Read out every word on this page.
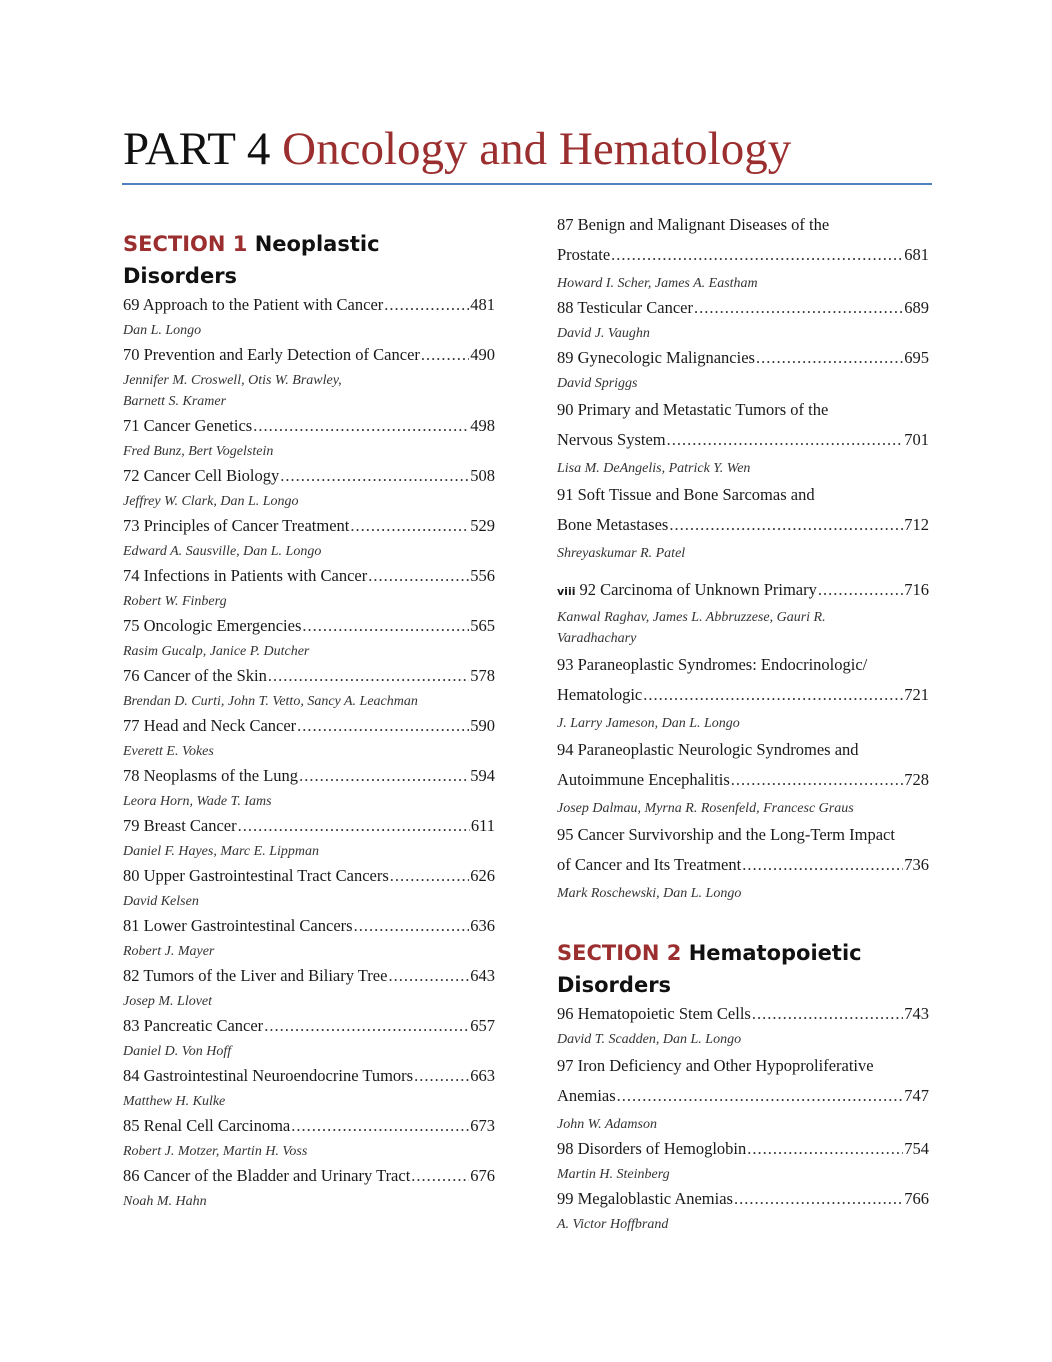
PART 4 Oncology and Hematology
SECTION 1 Neoplastic Disorders
69 Approach to the Patient with Cancer .....	481
Dan L. Longo
70 Prevention and Early Detection of Cancer .....	490
Jennifer M. Croswell, Otis W. Brawley,
Barnett S. Kramer
71 Cancer Genetics .....	498
Fred Bunz, Bert Vogelstein
72 Cancer Cell Biology .....	508
Jeffrey W. Clark, Dan L. Longo
73 Principles of Cancer Treatment .....	529
Edward A. Sausville, Dan L. Longo
74 Infections in Patients with Cancer .....	556
Robert W. Finberg
75 Oncologic Emergencies .....	565
Rasim Gucalp, Janice P. Dutcher
76 Cancer of the Skin .....	578
Brendan D. Curti, John T. Vetto, Sancy A. Leachman
77 Head and Neck Cancer .....	590
Everett E. Vokes
78 Neoplasms of the Lung .....	594
Leora Horn, Wade T. Iams
79 Breast Cancer .....	611
Daniel F. Hayes, Marc E. Lippman
80 Upper Gastrointestinal Tract Cancers .....	626
David Kelsen
81 Lower Gastrointestinal Cancers .....	636
Robert J. Mayer
82 Tumors of the Liver and Biliary Tree .....	643
Josep M. Llovet
83 Pancreatic Cancer .....	657
Daniel D. Von Hoff
84 Gastrointestinal Neuroendocrine Tumors .....	663
Matthew H. Kulke
85 Renal Cell Carcinoma .....	673
Robert J. Motzer, Martin H. Voss
86 Cancer of the Bladder and Urinary Tract .....	676
Noah M. Hahn
87 Benign and Malignant Diseases of the
Prostate .....	681
Howard I. Scher, James A. Eastham
88 Testicular Cancer .....	689
David J. Vaughn
89 Gynecologic Malignancies .....	695
David Spriggs
90 Primary and Metastatic Tumors of the
Nervous System .....	701
Lisa M. DeAngelis, Patrick Y. Wen
91 Soft Tissue and Bone Sarcomas and
Bone Metastases .....	712
Shreyaskumar R. Patel
viii 92 Carcinoma of Unknown Primary .....	716
Kanwal Raghav, James L. Abbruzzese, Gauri R.
Varadhachary
93 Paraneoplastic Syndromes: Endocrinologic/
Hematologic .....	721
J. Larry Jameson, Dan L. Longo
94 Paraneoplastic Neurologic Syndromes and
Autoimmune Encephalitis .....	728
Josep Dalmau, Myrna R. Rosenfeld, Francesc Graus
95 Cancer Survivorship and the Long-Term Impact
of Cancer and Its Treatment .....	736
Mark Roschewski, Dan L. Longo
SECTION 2 Hematopoietic
Disorders
96 Hematopoietic Stem Cells .....	743
David T. Scadden, Dan L. Longo
97 Iron Deficiency and Other Hypoproliferative
Anemias .....	747
John W. Adamson
98 Disorders of Hemoglobin .....	754
Martin H. Steinberg
99 Megaloblastic Anemias .....	766
A. Victor Hoffbrand
